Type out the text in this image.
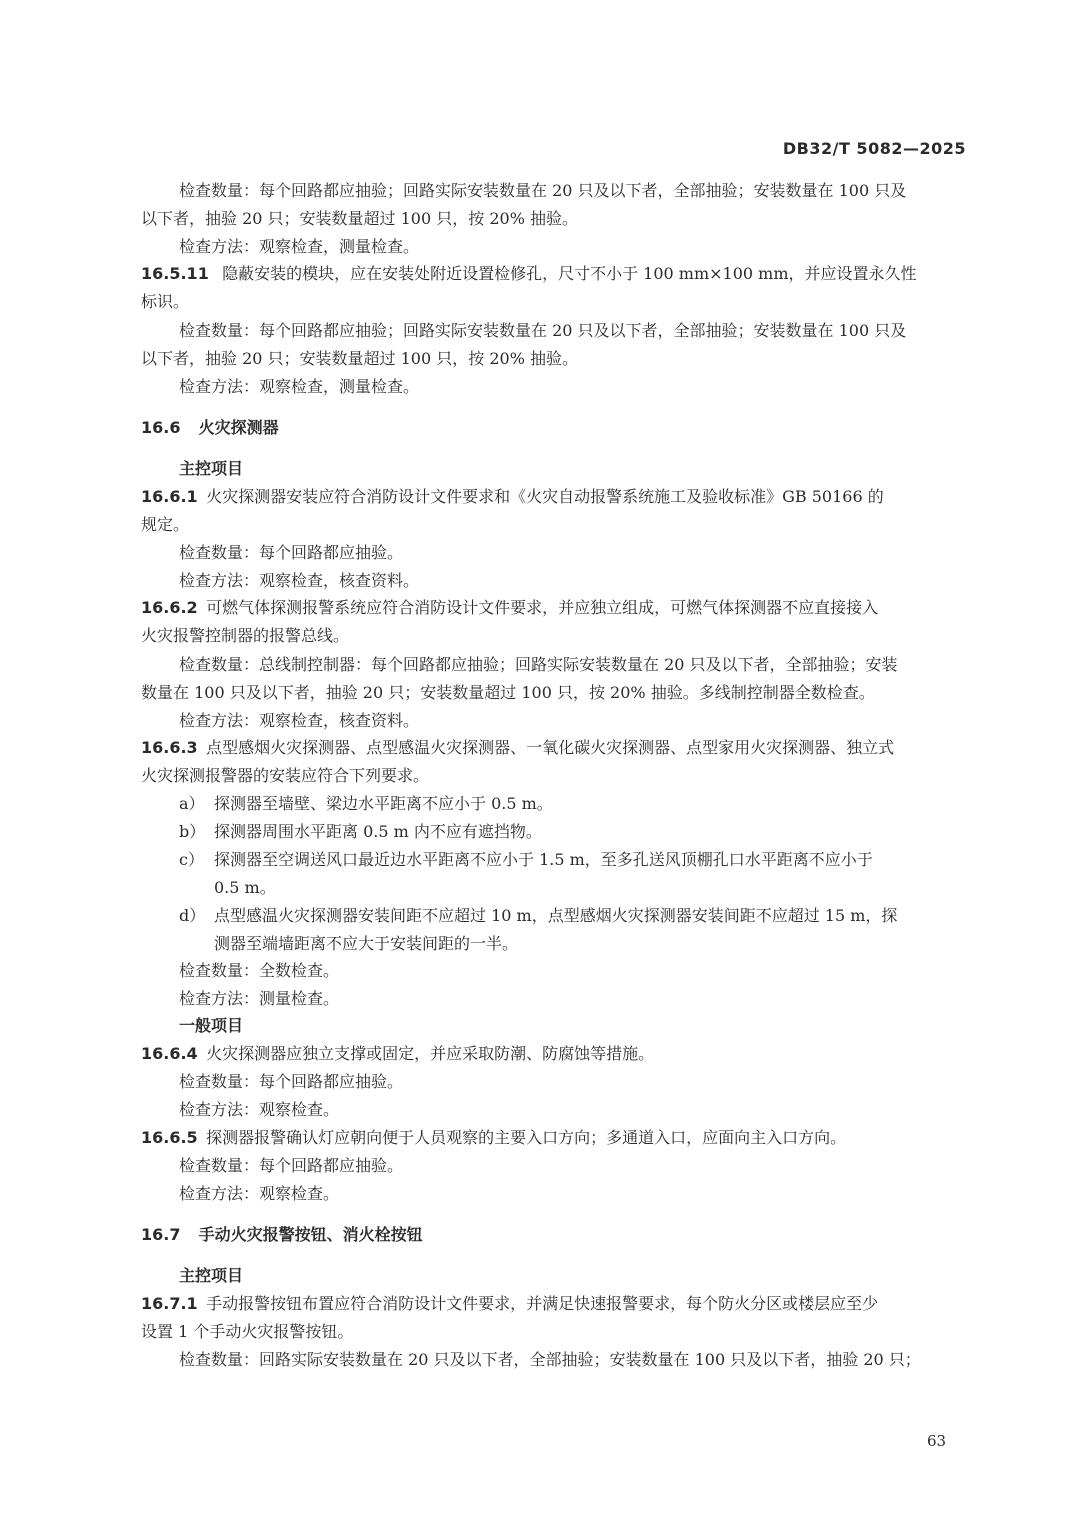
DB32/T 5082—2025
检查数量：每个回路都应抽验；回路实际安装数量在 20 只及以下者，全部抽验；安装数量在 100 只及
以下者，抽验 20 只；安装数量超过 100 只，按 20% 抽验。
检查方法：观察检查，测量检查。
16.5.11 隐蔽安装的模块，应在安装处附近设置检修孔，尺寸不小于 100 mm×100 mm，并应设置永久性
标识。
检查数量：每个回路都应抽验；回路实际安装数量在 20 只及以下者，全部抽验；安装数量在 100 只及
以下者，抽验 20 只；安装数量超过 100 只，按 20% 抽验。
检查方法：观察检查，测量检查。
16.6 火灾探测器
主控项目
16.6.1 火灾探测器安装应符合消防设计文件要求和《火灾自动报警系统施工及验收标准》GB 50166 的
规定。
检查数量：每个回路都应抽验。
检查方法：观察检查，核查资料。
16.6.2 可燃气体探测报警系统应符合消防设计文件要求，并应独立组成，可燃气体探测器不应直接接入
火灾报警控制器的报警总线。
检查数量：总线制控制器：每个回路都应抽验；回路实际安装数量在 20 只及以下者，全部抽验；安装
数量在 100 只及以下者，抽验 20 只；安装数量超过 100 只，按 20% 抽验。多线制控制器全数检查。
检查方法：观察检查，核查资料。
16.6.3 点型感烟火灾探测器、点型感温火灾探测器、一氧化碳火灾探测器、点型家用火灾探测器、独立式
火灾探测报警器的安装应符合下列要求。
a） 探测器至墙壁、梁边水平距离不应小于 0.5 m。
b） 探测器周围水平距离 0.5 m 内不应有遮挡物。
c） 探测器至空调送风口最近边水平距离不应小于 1.5 m，至多孔送风顶棚孔口水平距离不应小于
0.5 m。
d） 点型感温火灾探测器安装间距不应超过 10 m，点型感烟火灾探测器安装间距不应超过 15 m，探
测器至端墙距离不应大于安装间距的一半。
检查数量：全数检查。
检查方法：测量检查。
一般项目
16.6.4 火灾探测器应独立支撑或固定，并应采取防潮、防腐蚀等措施。
检查数量：每个回路都应抽验。
检查方法：观察检查。
16.6.5 探测器报警确认灯应朝向便于人员观察的主要入口方向；多通道入口，应面向主入口方向。
检查数量：每个回路都应抽验。
检查方法：观察检查。
16.7 手动火灾报警按钮、消火栓按钮
主控项目
16.7.1 手动报警按钮布置应符合消防设计文件要求，并满足快速报警要求，每个防火分区或楼层应至少
设置 1 个手动火灾报警按钮。
检查数量：回路实际安装数量在 20 只及以下者，全部抽验；安装数量在 100 只及以下者，抽验 20 只；
63
